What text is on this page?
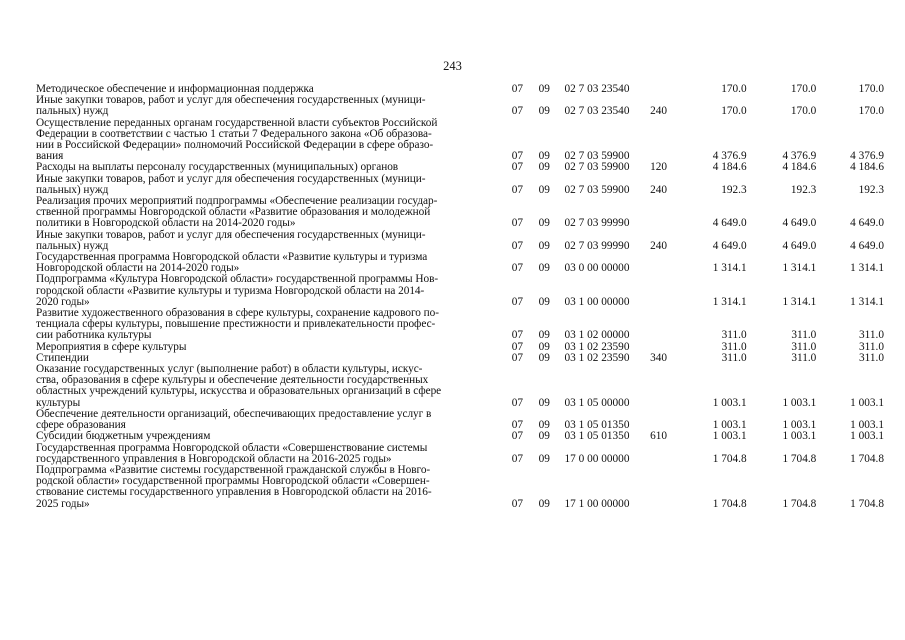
243
Методическое обеспечение и информационная поддержка	07	09	02 7 03 23540	170.0	170.0	170.0
Иные закупки товаров, работ и услуг для обеспечения государственных (муници-
пальных) нужд	07	09	02 7 03 23540	240	170.0	170.0	170.0
Осуществление переданных органам государственной власти субъектов Российской
Федерации в соответствии с частью 1 статьи 7 Федерального закона «Об образова-
нии в Российской Федерации» полномочий Российской Федерации в сфере образо-
вания	07	09	02 7 03 59900	4 376.9	4 376.9	4 376.9
Расходы на выплаты персоналу государственных (муниципальных) органов	07	09	02 7 03 59900	120	4 184.6	4 184.6	4 184.6
Иные закупки товаров, работ и услуг для обеспечения государственных (муници-
пальных) нужд	07	09	02 7 03 59900	240	192.3	192.3	192.3
Реализация прочих мероприятий подпрограммы «Обеспечение реализации государ-
ственной программы Новгородской области «Развитие образования и молодежной
политики в Новгородской области на 2014-2020 годы»	07	09	02 7 03 99990	4 649.0	4 649.0	4 649.0
Иные закупки товаров, работ и услуг для обеспечения государственных (муници-
пальных) нужд	07	09	02 7 03 99990	240	4 649.0	4 649.0	4 649.0
Государственная программа Новгородской области «Развитие культуры и туризма
Новгородской области на 2014-2020 годы»	07	09	03 0 00 00000	1 314.1	1 314.1	1 314.1
Подпрограмма «Культура Новгородской области» государственной программы Нов-
городской области «Развитие культуры и туризма Новгородской области на 2014-
2020 годы»	07	09	03 1 00 00000	1 314.1	1 314.1	1 314.1
Развитие художественного образования в сфере культуры, сохранение кадрового по-
тенциала сферы культуры, повышение престижности и привлекательности профес-
сии работника культуры	07	09	03 1 02 00000	311.0	311.0	311.0
Мероприятия в сфере культуры	07	09	03 1 02 23590	311.0	311.0	311.0
Стипендии	07	09	03 1 02 23590	340	311.0	311.0	311.0
Оказание государственных услуг (выполнение работ) в области культуры, искус-
ства, образования в сфере культуры и обеспечение деятельности государственных
областных учреждений культуры, искусства и образовательных организаций в сфере
культуры	07	09	03 1 05 00000	1 003.1	1 003.1	1 003.1
Обеспечение деятельности организаций, обеспечивающих предоставление услуг в
сфере образования	07	09	03 1 05 01350	1 003.1	1 003.1	1 003.1
Субсидии бюджетным учреждениям	07	09	03 1 05 01350	610	1 003.1	1 003.1	1 003.1
Государственная программа Новгородской области «Совершенствование системы
государственного управления в Новгородской области на 2016-2025 годы»	07	09	17 0 00 00000	1 704.8	1 704.8	1 704.8
Подпрограмма «Развитие системы государственной гражданской службы в Новго-
родской области» государственной программы Новгородской области «Совершен-
ствование системы государственного управления в Новгородской области на 2016-
2025 годы»	07	09	17 1 00 00000	1 704.8	1 704.8	1 704.8
